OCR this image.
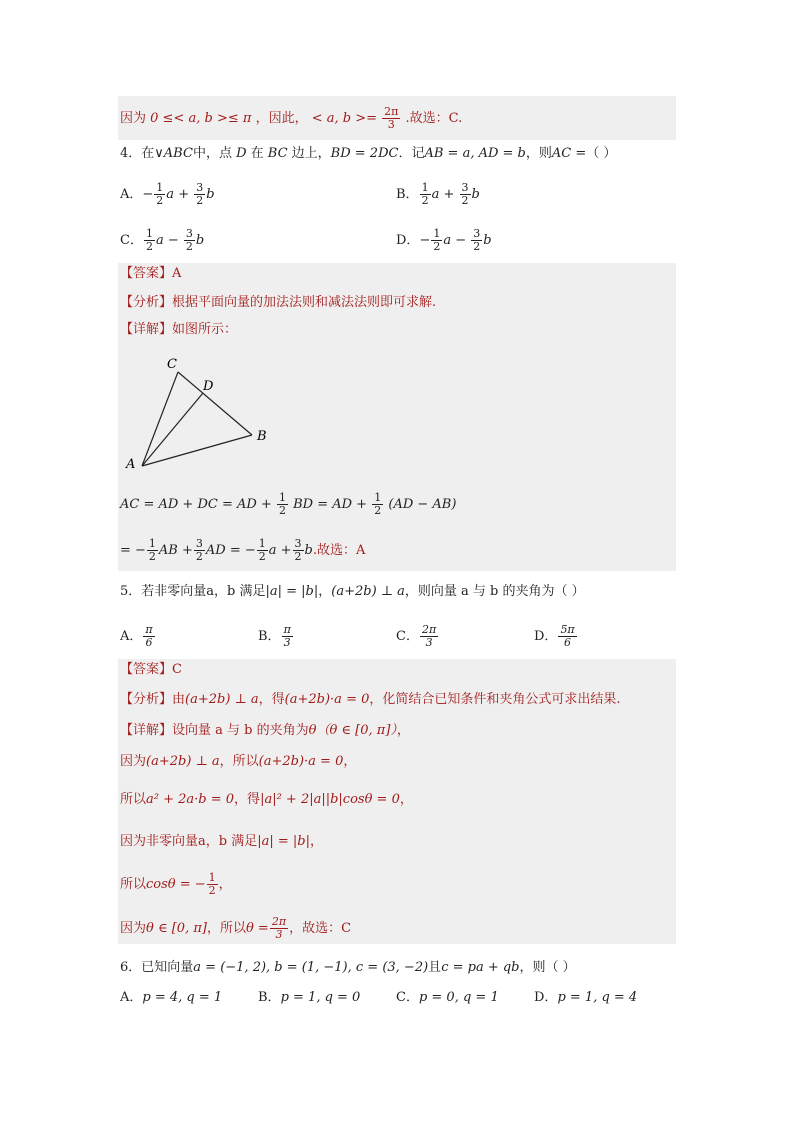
因为 0 ≤< a, b >≤ π ，因此， < a, $b >= \frac{2\pi}{3}$ .故选：C.
4．在∨ABC中，点 D 在 BC 边上，BD = 2DC．记AB = a, AD = b，则AC =（ ）
A．− $\frac{1}{2}$ $a + \frac{3}{2}$ b	B． $\frac{1}{2}$ $a + \frac{3}{2}$ b
C． $\frac{1}{2}$ $a - \frac{3}{2}$ b	D．− $\frac{1}{2}$ $a - \frac{3}{2}$ b
【答案】A
【分析】根据平面向量的加法法则和减法法则即可求解.
【详解】如图所示：
A
C
D
B
AC = AD + DC = AD + $\frac{1}{2}$ BD = AD + $\frac{1}{2} (AD - AB)$
= − $\frac{1}{2}$ AB + $\frac{3}{2}$ AD = − $\frac{1}{2}$ $a + \frac{3}{2} b$.故选：A
5．若非零向量a，b 满足|a| = |b|，(a+2b) ⊥ a，则向量 a 与 b 的夹角为（ ）
A． $\frac{\pi}{6}$	B． $\frac{\pi}{3}$	C． $\frac{2\pi}{3}$	D． $\frac{5\pi}{6}$
【答案】C
【分析】由(a+2b) ⊥ a，得(a+2b)·a = 0，化简结合已知条件和夹角公式可求出结果.
【详解】设向量 a 与 b 的夹角为θ（θ ∈ [0, π]），
因为(a+2b) ⊥ a，所以(a+2b)·a = 0，
所以a² + 2a·b = 0，得|a|² + 2|a||b|cosθ = 0，
因为非零向量a，b 满足|a| = |b|，
所以cosθ = − $\frac{1}{2}$ ，
因为θ ∈ [0, π]，所以$\theta = \frac{2\pi}{3}$ ，故选：C
6．已知向量a = (−1, 2), b = (1, −1), c = (3, −2)且c = pa + qb，则（ ）
A．p = 4, q = 1	B．p = 1, q = 0	C．p = 0, q = 1	D．p = 1, q = 4
